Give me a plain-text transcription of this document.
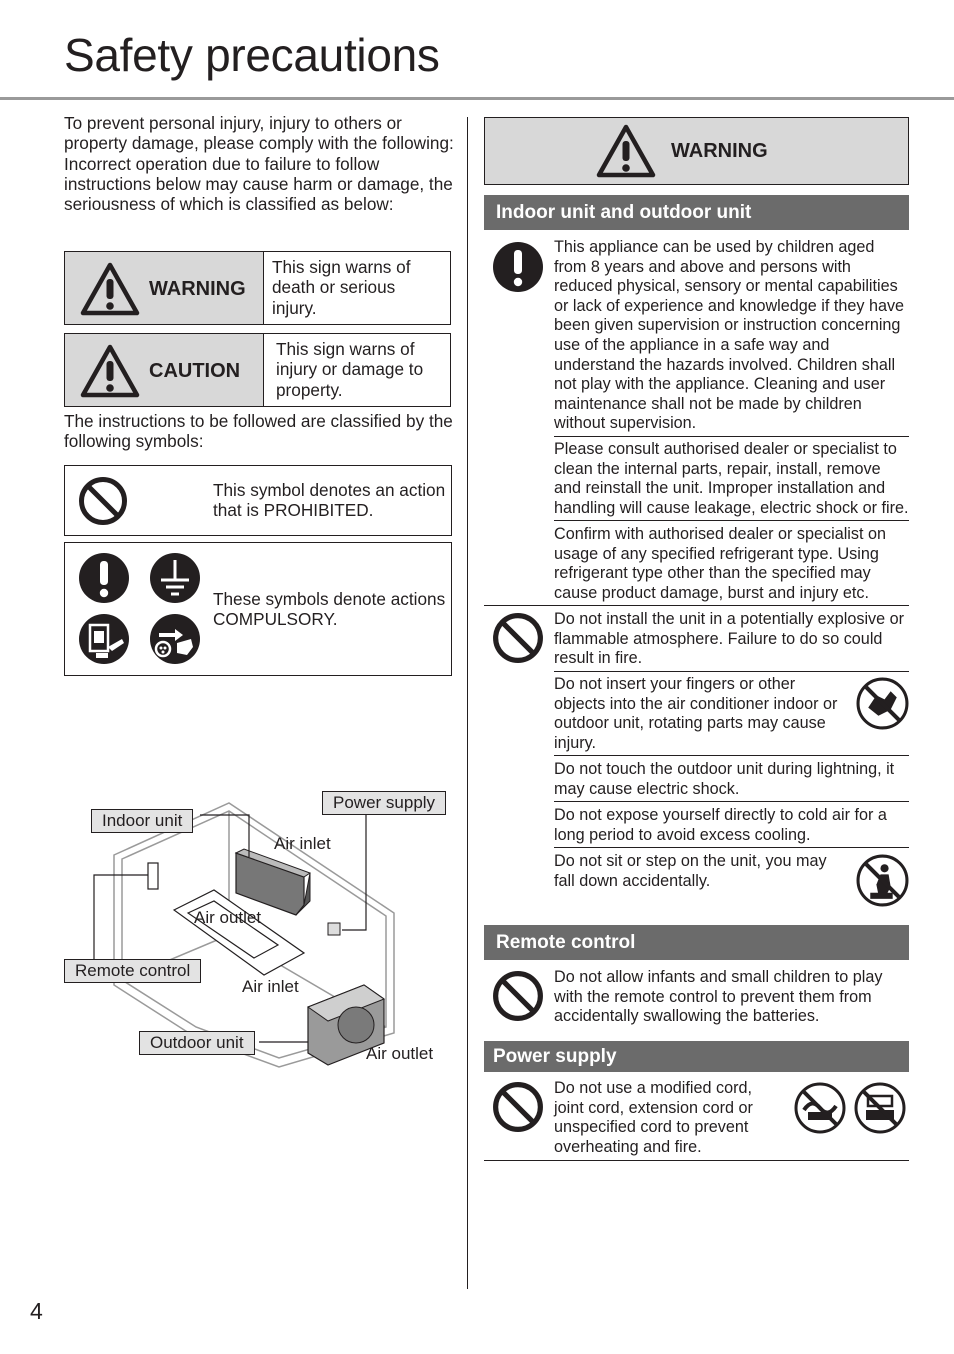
Safety precautions

To prevent personal injury, injury to others or property damage, please comply with the following:

Incorrect operation due to failure to follow instructions below may cause harm or damage, the seriousness of which is classified as below:

WARNING
This sign warns of death or serious injury.
CAUTION
This sign warns of injury or damage to property.
The instructions to be followed are classified by the following symbols:
This symbol denotes an action that is PROHIBITED.
These symbols denote actions COMPULSORY.
Indoor unit
Power supply
Air inlet
Air outlet
Remote control
Air inlet
Outdoor unit
Air outlet
WARNING
Indoor unit and outdoor unit

This appliance can be used by children aged from 8 years and above and persons with reduced physical, sensory or mental capabilities or lack of experience and knowledge if they have been given supervision or instruction concerning use of the appliance in a safe way and understand the hazards involved. Children shall not play with the appliance. Cleaning and user maintenance shall not be made by children without supervision.

Please consult authorised dealer or specialist to clean the internal parts, repair, install, remove and reinstall the unit. Improper installation and handling will cause leakage, electric shock or fire.

Confirm with authorised dealer or specialist on usage of any specified refrigerant type. Using refrigerant type other than the specified may cause product damage, burst and injury etc.

Do not install the unit in a potentially explosive or flammable atmosphere. Failure to do so could result in fire.

Do not insert your fingers or other objects into the air conditioner indoor or outdoor unit, rotating parts may cause injury.

Do not touch the outdoor unit during lightning, it may cause electric shock.

Do not expose yourself directly to cold air for a long period to avoid excess cooling.

Do not sit or step on the unit, you may fall down accidentally.

Remote control

Do not allow infants and small children to play with the remote control to prevent them from accidentally swallowing the batteries.

Power supply

Do not use a modified cord, joint cord, extension cord or unspecified cord to prevent overheating and fire.

4
